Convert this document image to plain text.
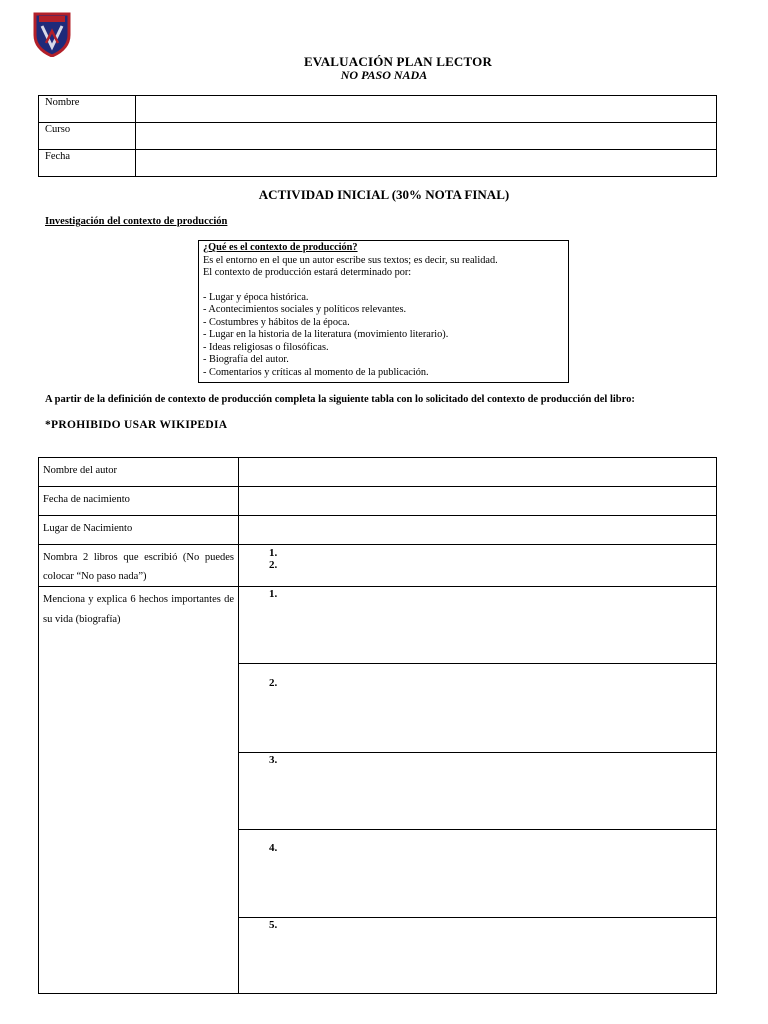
EVALUACIÓN PLAN LECTOR
NO PASO NADA
Nombre	
Curso	
Fecha	
ACTIVIDAD INICIAL (30% NOTA FINAL)
Investigación del contexto de producción
¿Qué es el contexto de producción?
Es el entorno en el que un autor escribe sus textos; es decir, su realidad.
El contexto de producción estará determinado por:
- Lugar y época histórica.
- Acontecimientos sociales y políticos relevantes.
- Costumbres y hábitos de la época.
- Lugar en la historia de la literatura (movimiento literario).
- Ideas religiosas o filosóficas.
- Biografía del autor.
- Comentarios y críticas al momento de la publicación.
A partir de la definición de contexto de producción completa la siguiente tabla con lo solicitado del contexto de producción del libro:
*PROHIBIDO USAR WIKIPEDIA
Nombre del autor	
Fecha de nacimiento	
Lugar de Nacimiento	
Nombra 2 libros que escribió (No puedes colocar “No paso nada”)	1.
2.

Menciona y explica 6 hechos importantes de su vida (biografía)	1.
	2.
	3.
	4.
	5.
